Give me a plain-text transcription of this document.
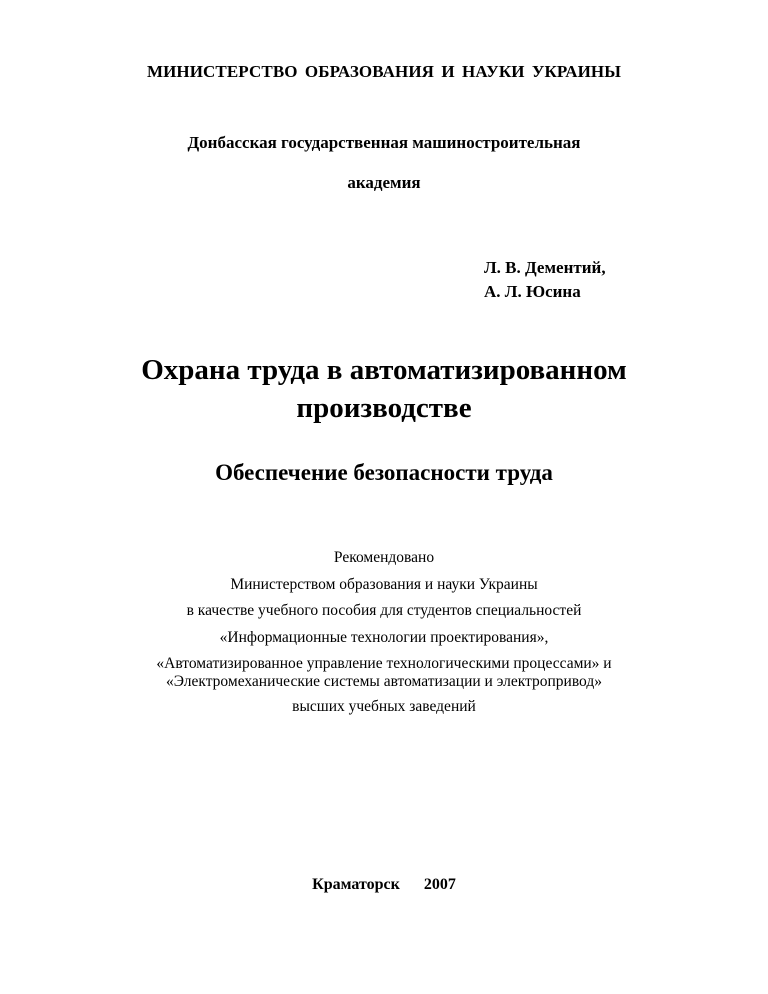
МИНИСТЕРСТВО ОБРАЗОВАНИЯ И НАУКИ УКРАИНЫ

Донбасская государственная машиностроительная

академия

Л. В. Дементий,
А. Л. Юсина

Охрана труда в автоматизированном

производстве

Обеспечение безопасности труда

Рекомендовано

Министерством образования и науки Украины

в качестве учебного пособия для студентов специальностей

«Информационные технологии проектирования»,

«Автоматизированное управление технологическими процессами» и

«Электромеханические системы автоматизации и электропривод»

высших учебных заведений

Краматорск   2007
